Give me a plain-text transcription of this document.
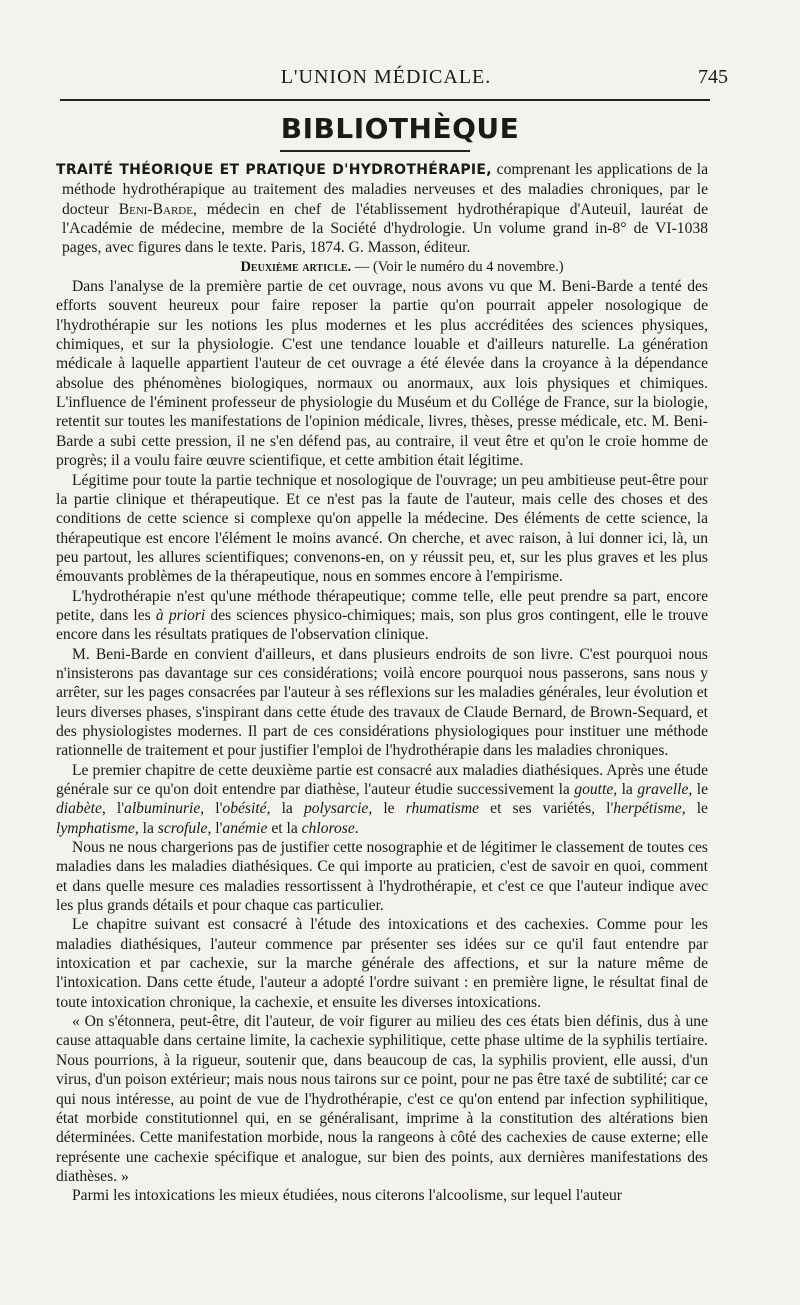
L'UNION MÉDICALE.	745
BIBLIOTHÈQUE

TRAITÉ THÉORIQUE ET PRATIQUE D'HYDROTHÉRAPIE, comprenant les applications de la méthode hydrothérapique au traitement des maladies nerveuses et des maladies chroniques, par le docteur Beni-Barde, médecin en chef de l'établissement hydrothérapique d'Auteuil, lauréat de l'Académie de médecine, membre de la Société d'hydrologie. Un volume grand in-8° de VI-1038 pages, avec figures dans le texte. Paris, 1874. G. Masson, éditeur.

Deuxième article. — (Voir le numéro du 4 novembre.)

Dans l'analyse de la première partie de cet ouvrage, nous avons vu que M. Beni-Barde a tenté des efforts souvent heureux pour faire reposer la partie qu'on pourrait appeler nosologique de l'hydrothérapie sur les notions les plus modernes et les plus accréditées des sciences physiques, chimiques, et sur la physiologie. C'est une tendance louable et d'ailleurs naturelle. La génération médicale à laquelle appartient l'auteur de cet ouvrage a été élevée dans la croyance à la dépendance absolue des phénomènes biologiques, normaux ou anormaux, aux lois physiques et chimiques. L'influence de l'éminent professeur de physiologie du Muséum et du Collége de France, sur la biologie, retentit sur toutes les manifestations de l'opinion médicale, livres, thèses, presse médicale, etc. M. Beni-Barde a subi cette pression, il ne s'en défend pas, au contraire, il veut être et qu'on le croie homme de progrès; il a voulu faire œuvre scientifique, et cette ambition était légitime.

Légitime pour toute la partie technique et nosologique de l'ouvrage; un peu ambitieuse peut-être pour la partie clinique et thérapeutique. Et ce n'est pas la faute de l'auteur, mais celle des choses et des conditions de cette science si complexe qu'on appelle la médecine. Des éléments de cette science, la thérapeutique est encore l'élément le moins avancé. On cherche, et avec raison, à lui donner ici, là, un peu partout, les allures scientifiques; convenons-en, on y réussit peu, et, sur les plus graves et les plus émouvants problèmes de la thérapeutique, nous en sommes encore à l'empirisme.

L'hydrothérapie n'est qu'une méthode thérapeutique; comme telle, elle peut prendre sa part, encore petite, dans les à priori des sciences physico-chimiques; mais, son plus gros contingent, elle le trouve encore dans les résultats pratiques de l'observation clinique.

M. Beni-Barde en convient d'ailleurs, et dans plusieurs endroits de son livre. C'est pourquoi nous n'insisterons pas davantage sur ces considérations; voilà encore pourquoi nous passerons, sans nous y arrêter, sur les pages consacrées par l'auteur à ses réflexions sur les maladies générales, leur évolution et leurs diverses phases, s'inspirant dans cette étude des travaux de Claude Bernard, de Brown-Sequard, et des physiologistes modernes. Il part de ces considérations physiologiques pour instituer une méthode rationnelle de traitement et pour justifier l'emploi de l'hydrothérapie dans les maladies chroniques.

Le premier chapitre de cette deuxième partie est consacré aux maladies diathésiques. Après une étude générale sur ce qu'on doit entendre par diathèse, l'auteur étudie successivement la goutte, la gravelle, le diabète, l'albuminurie, l'obésité, la polysarcie, le rhumatisme et ses variétés, l'herpétisme, le lymphatisme, la scrofule, l'anémie et la chlorose.

Nous ne nous chargerions pas de justifier cette nosographie et de légitimer le classement de toutes ces maladies dans les maladies diathésiques. Ce qui importe au praticien, c'est de savoir en quoi, comment et dans quelle mesure ces maladies ressortissent à l'hydrothérapie, et c'est ce que l'auteur indique avec les plus grands détails et pour chaque cas particulier.

Le chapitre suivant est consacré à l'étude des intoxications et des cachexies. Comme pour les maladies diathésiques, l'auteur commence par présenter ses idées sur ce qu'il faut entendre par intoxication et par cachexie, sur la marche générale des affections, et sur la nature même de l'intoxication. Dans cette étude, l'auteur a adopté l'ordre suivant : en première ligne, le résultat final de toute intoxication chronique, la cachexie, et ensuite les diverses intoxications.

« On s'étonnera, peut-être, dit l'auteur, de voir figurer au milieu des ces états bien définis, dus à une cause attaquable dans certaine limite, la cachexie syphilitique, cette phase ultime de la syphilis tertiaire. Nous pourrions, à la rigueur, soutenir que, dans beaucoup de cas, la syphilis provient, elle aussi, d'un virus, d'un poison extérieur; mais nous nous tairons sur ce point, pour ne pas être taxé de subtilité; car ce qui nous intéresse, au point de vue de l'hydrothérapie, c'est ce qu'on entend par infection syphilitique, état morbide constitutionnel qui, en se généralisant, imprime à la constitution des altérations bien déterminées. Cette manifestation morbide, nous la rangeons à côté des cachexies de cause externe; elle représente une cachexie spécifique et analogue, sur bien des points, aux dernières manifestations des diathèses. »

Parmi les intoxications les mieux étudiées, nous citerons l'alcoolisme, sur lequel l'auteur
